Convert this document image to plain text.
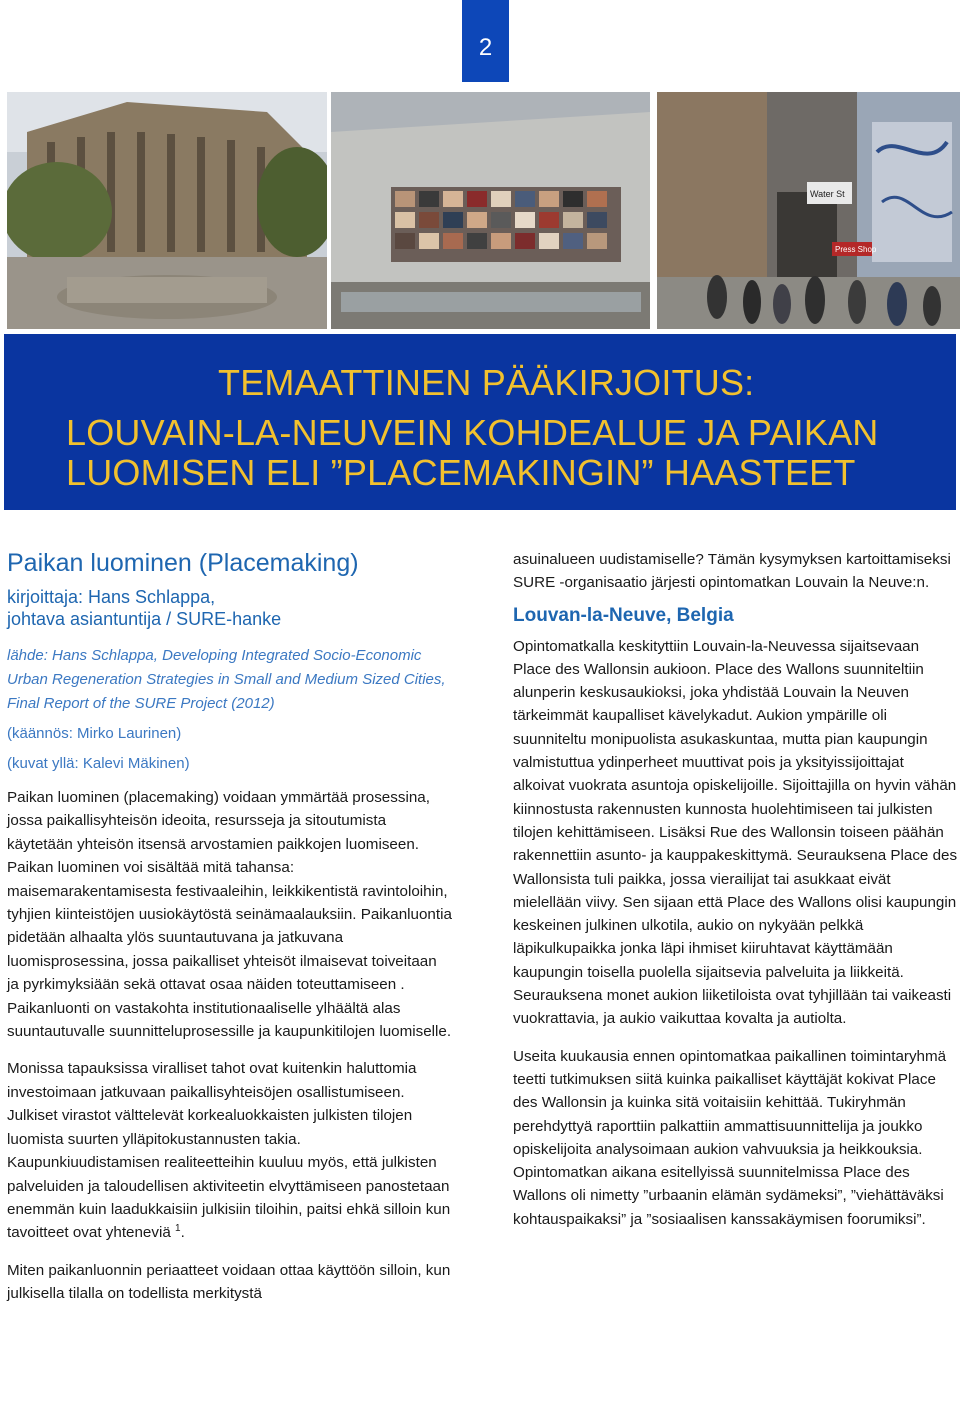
2
Water St
Press Shop
TEMAATTINEN PÄÄKIRJOITUS:
LOUVAIN-LA-NEUVEIN KOHDEALUE JA PAIKAN
LUOMISEN ELI ”PLACEMAKINGIN” HAASTEET
Paikan luominen (Placemaking)
kirjoittaja: Hans Schlappa,
johtava asiantuntija / SURE-hanke
lähde: Hans Schlappa, Developing Integrated Socio-Economic Urban Regeneration Strategies in Small and Medium Sized Cities, Final Report of the SURE Project (2012)
(käännös: Mirko Laurinen)
(kuvat yllä: Kalevi Mäkinen)

Paikan luominen (placemaking) voidaan ymmärtää prosessina, jossa paikallisyhteisön ideoita, resursseja ja sitoutumista käytetään yhteisön itsensä arvostamien paikkojen luomiseen. Paikan luominen voi sisältää mitä tahansa: maisemarakentamisesta festivaaleihin, leikkikentistä ravintoloihin, tyhjien kiinteistöjen uusiokäytöstä seinämaalauksiin. Paikanluontia pidetään alhaalta ylös suuntautuvana ja jatkuvana luomisprosessina, jossa paikalliset yhteisöt ilmaisevat toiveitaan ja pyrkimyksiään sekä ottavat osaa näiden toteuttamiseen . Paikanluonti on vastakohta institutionaaliselle ylhäältä alas suuntautuvalle suunnitteluprosessille ja kaupunkitilojen luomiselle.

Monissa tapauksissa viralliset tahot ovat kuitenkin haluttomia investoimaan jatkuvaan paikallisyhteisöjen osallistumiseen. Julkiset virastot välttelevät korkealuokkaisten julkisten tilojen luomista suurten ylläpitokustannusten takia. Kaupunkiuudistamisen realiteetteihin kuuluu myös, että julkisten palveluiden ja taloudellisen aktiviteetin elvyttämiseen panostetaan enemmän kuin laadukkaisiin julkisiin tiloihin, paitsi ehkä silloin kun tavoitteet ovat yhteneviä $^1$.

Miten paikanluonnin periaatteet voidaan ottaa käyttöön silloin, kun julkisella tilalla on todellista merkitystä

asuinalueen uudistamiselle? Tämän kysymyksen kartoittamiseksi SURE -organisaatio järjesti opintomatkan Louvain la Neuve:n.

Louvan-la-Neuve, Belgia

Opintomatkalla keskityttiin Louvain-la-Neuvessa sijaitsevaan Place des Wallonsin aukioon. Place des Wallons suunniteltiin alunperin keskusaukioksi, joka yhdistää Louvain la Neuven tärkeimmät kaupalliset kävelykadut. Aukion ympärille oli suunniteltu monipuolista asukaskuntaa, mutta pian kaupungin valmistuttua ydinperheet muuttivat pois ja yksityissijoittajat alkoivat vuokrata asuntoja opiskelijoille. Sijoittajilla on hyvin vähän kiinnostusta rakennusten kunnosta huolehtimiseen tai julkisten tilojen kehittämiseen. Lisäksi Rue des Wallonsin toiseen päähän rakennettiin asunto- ja kauppakeskittymä. Seurauksena Place des Wallonsista tuli paikka, jossa vierailijat tai asukkaat eivät mielellään viivy. Sen sijaan että Place des Wallons olisi kaupungin keskeinen julkinen ulkotila, aukio on nykyään pelkkä läpikulkupaikka jonka läpi ihmiset kiiruhtavat käyttämään kaupungin toisella puolella sijaitsevia palveluita ja liikkeitä. Seurauksena monet aukion liiketiloista ovat tyhjillään tai vaikeasti vuokrattavia, ja aukio vaikuttaa kovalta ja autiolta.

Useita kuukausia ennen opintomatkaa paikallinen toimintaryhmä teetti tutkimuksen siitä kuinka paikalliset käyttäjät kokivat Place des Wallonsin ja kuinka sitä voitaisiin kehittää. Tukiryhmän perehdyttyä raporttiin palkattiin ammattisuunnittelija ja joukko opiskelijoita analysoimaan aukion vahvuuksia ja heikkouksia. Opintomatkan aikana esitellyissä suunnitelmissa Place des Wallons oli nimetty ”urbaanin elämän sydämeksi”, ”viehättäväksi kohtauspaikaksi” ja ”sosiaalisen kanssakäymisen foorumiksi”.
